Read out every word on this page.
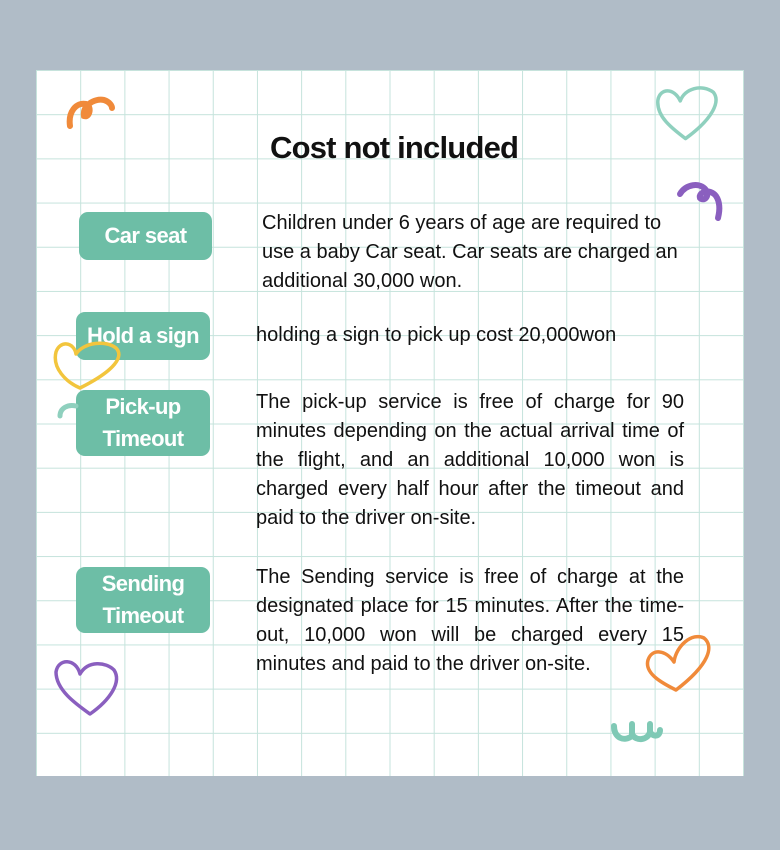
Cost not included
Car seat	Children under 6 years of age are required to use a baby Car seat. Car seats are charged an additional 30,000 won.

Hold a sign	holding a sign to pick up cost 20,000won

Pick-up Timeout

The pick-up service is free of charge for 90 minutes depending on the actual arrival time of the flight, and an additional 10,000 won is charged every half hour after the timeout and paid to the driver on-site.

Sending Timeout

The Sending service is free of charge at the designated place for 15 minutes. After the time-out, 10,000 won will be charged every 15 minutes and paid to the driver on-site.
